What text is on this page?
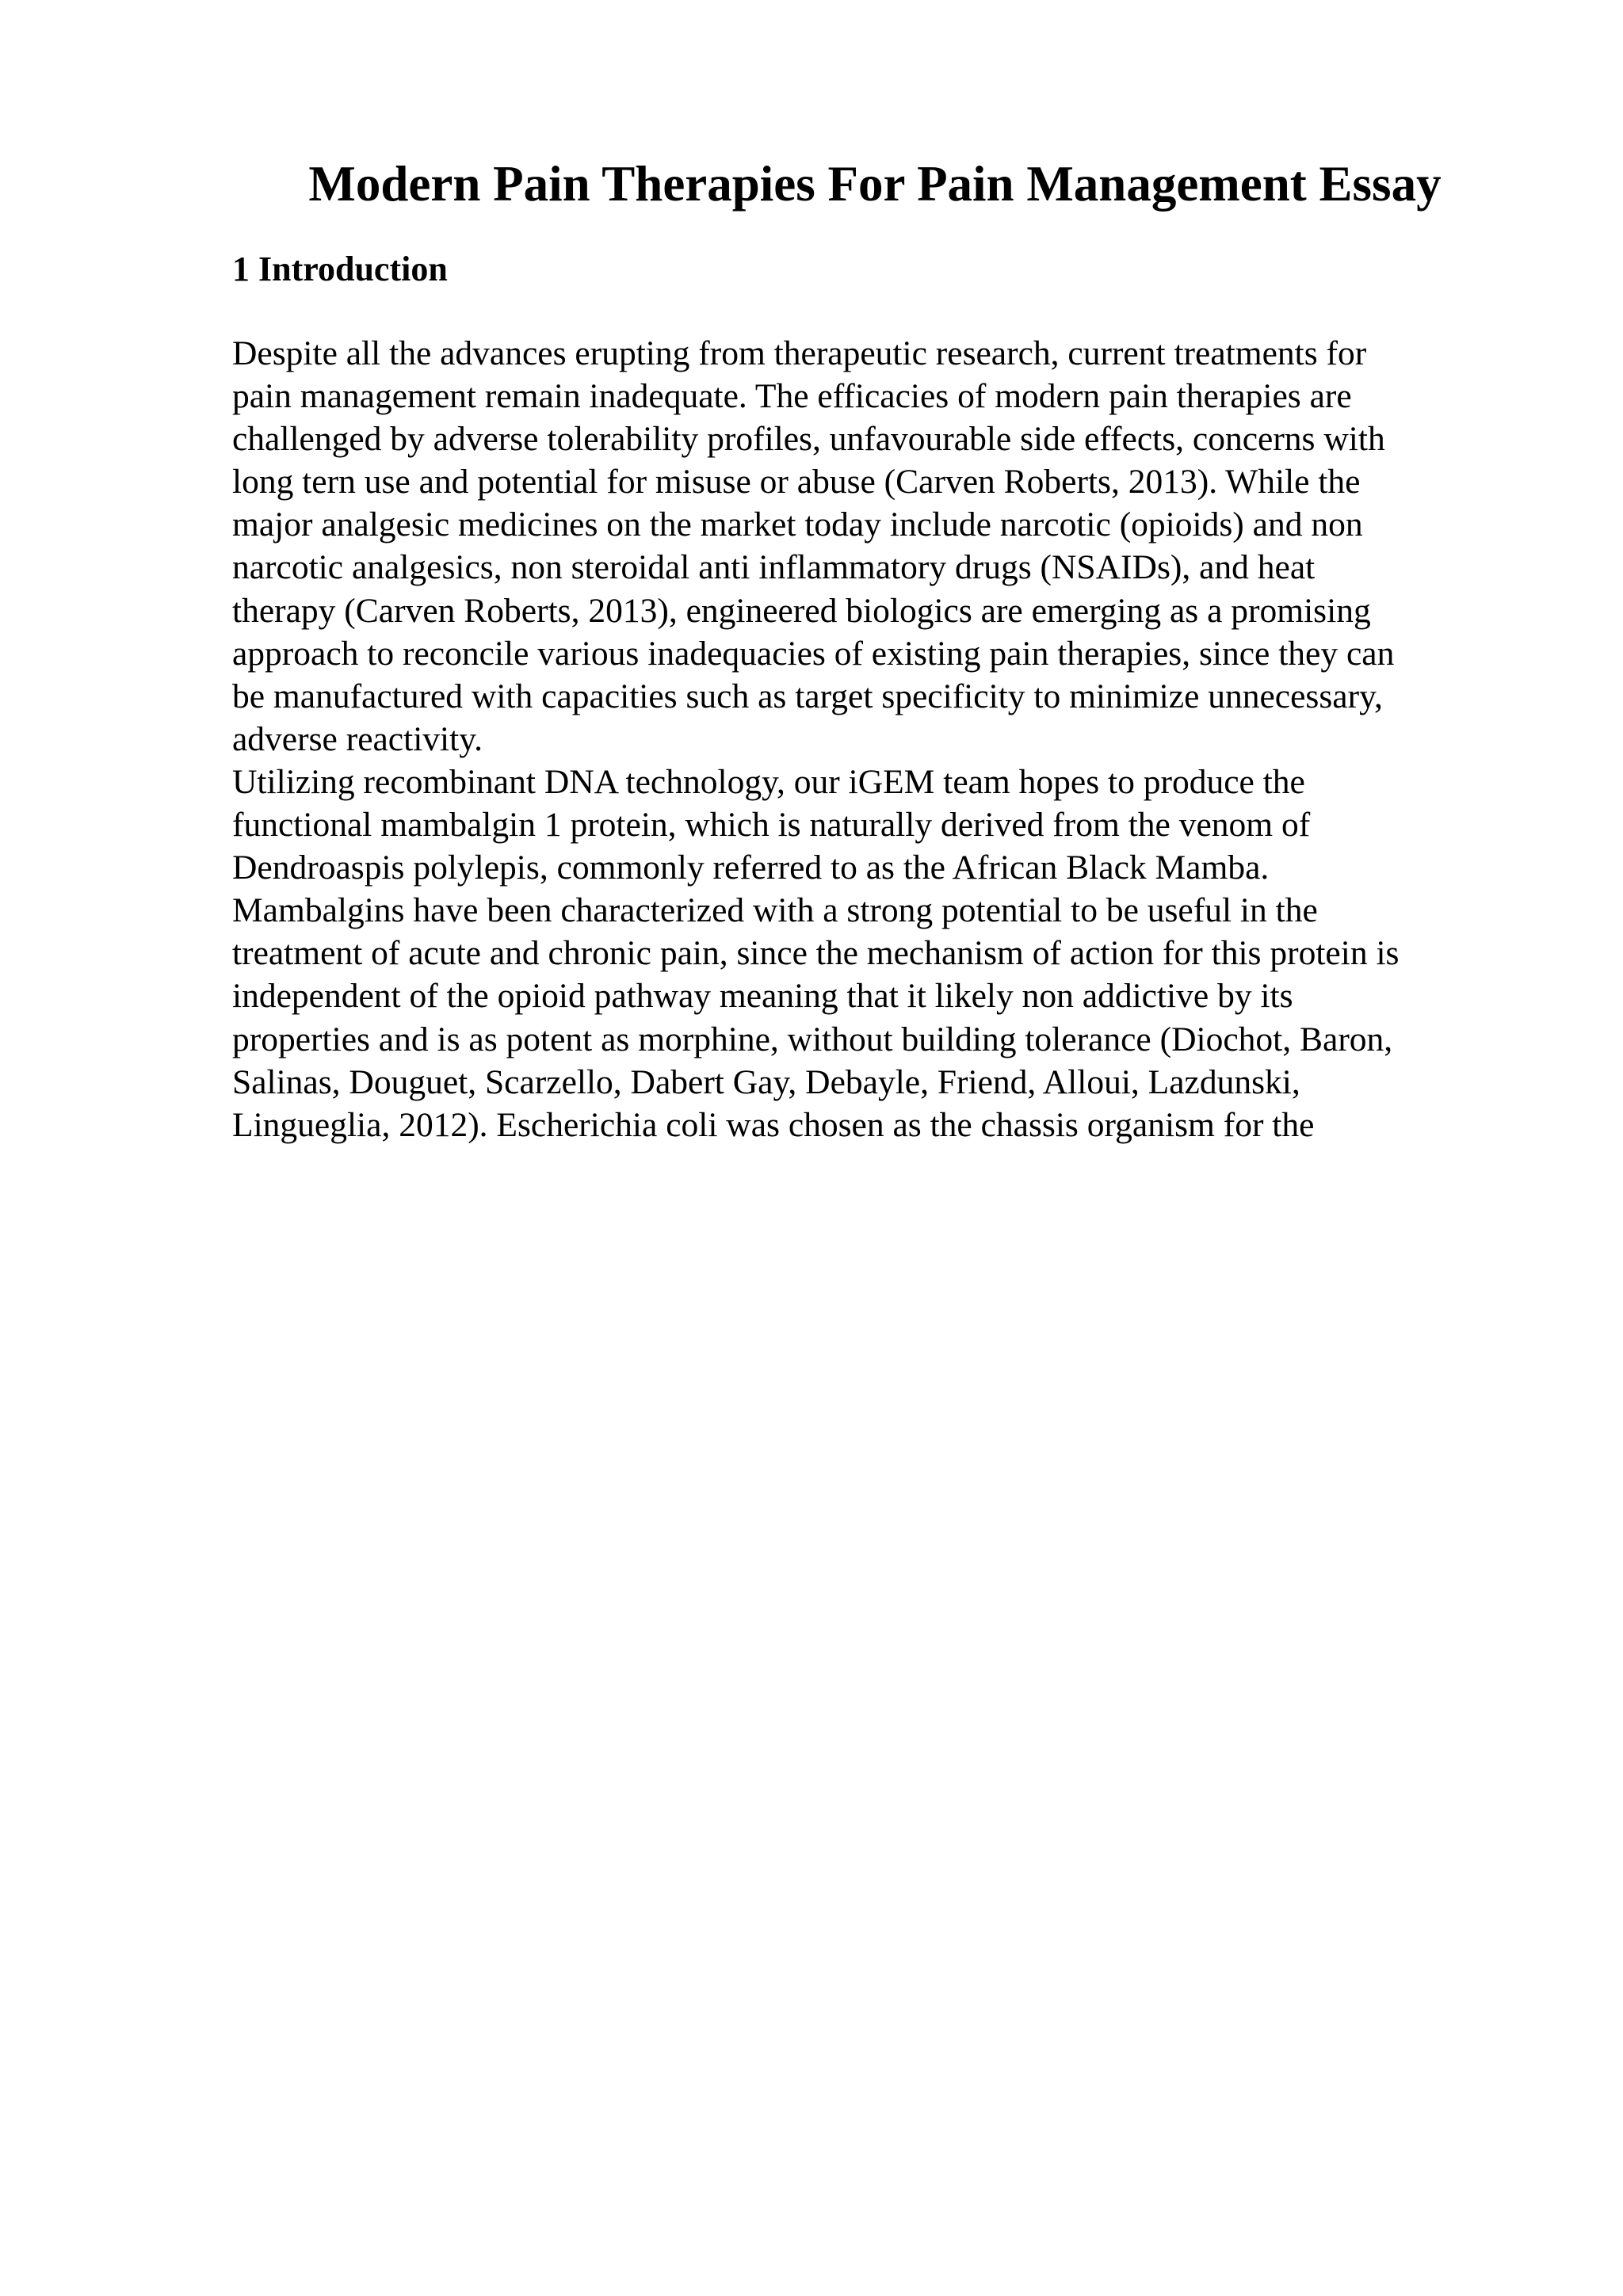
Modern Pain Therapies For Pain Management Essay
1 Introduction
Despite all the advances erupting from therapeutic research, current treatments for
pain management remain inadequate. The efficacies of modern pain therapies are
challenged by adverse tolerability profiles, unfavourable side effects, concerns with
long tern use and potential for misuse or abuse (Carven Roberts, 2013). While the
major analgesic medicines on the market today include narcotic (opioids) and non
narcotic analgesics, non steroidal anti inflammatory drugs (NSAIDs), and heat
therapy (Carven Roberts, 2013), engineered biologics are emerging as a promising
approach to reconcile various inadequacies of existing pain therapies, since they can
be manufactured with capacities such as target specificity to minimize unnecessary,
adverse reactivity.
Utilizing recombinant DNA technology, our iGEM team hopes to produce the
functional mambalgin 1 protein, which is naturally derived from the venom of
Dendroaspis polylepis, commonly referred to as the African Black Mamba.
Mambalgins have been characterized with a strong potential to be useful in the
treatment of acute and chronic pain, since the mechanism of action for this protein is
independent of the opioid pathway meaning that it likely non addictive by its
properties and is as potent as morphine, without building tolerance (Diochot, Baron,
Salinas, Douguet, Scarzello, Dabert Gay, Debayle, Friend, Alloui, Lazdunski,
Lingueglia, 2012). Escherichia coli was chosen as the chassis organism for the
